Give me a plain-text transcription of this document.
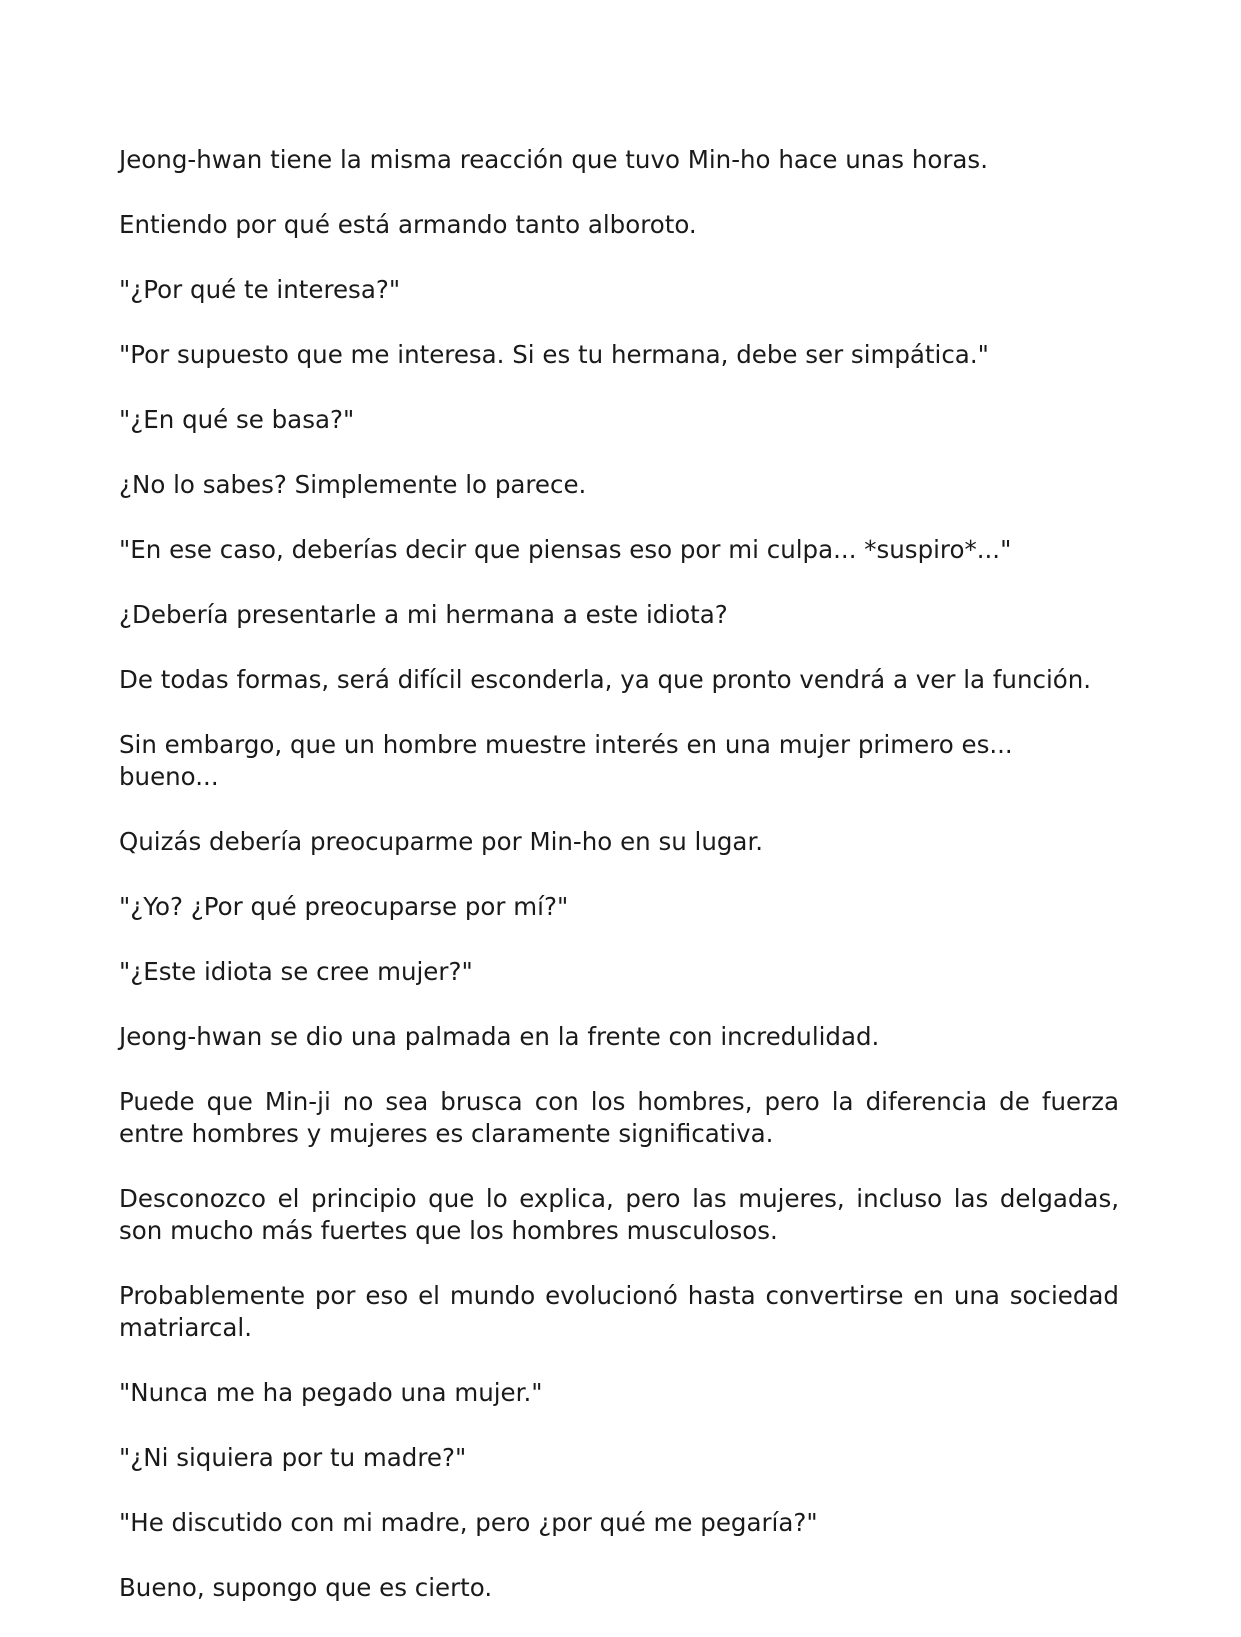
Jeong-hwan tiene la misma reacción que tuvo Min-ho hace unas horas.

Entiendo por qué está armando tanto alboroto.

"¿Por qué te interesa?"

"Por supuesto que me interesa. Si es tu hermana, debe ser simpática."

"¿En qué se basa?"

¿No lo sabes? Simplemente lo parece.

"En ese caso, deberías decir que piensas eso por mi culpa... *suspiro*..."

¿Debería presentarle a mi hermana a este idiota?

De todas formas, será difícil esconderla, ya que pronto vendrá a ver la función.

Sin embargo, que un hombre muestre interés en una mujer primero es... bueno...

Quizás debería preocuparme por Min-ho en su lugar.

"¿Yo? ¿Por qué preocuparse por mí?"

"¿Este idiota se cree mujer?"

Jeong-hwan se dio una palmada en la frente con incredulidad.

Puede que Min-ji no sea brusca con los hombres, pero la diferencia de fuerza entre hombres y mujeres es claramente significativa.

Desconozco el principio que lo explica, pero las mujeres, incluso las delgadas, son mucho más fuertes que los hombres musculosos.

Probablemente por eso el mundo evolucionó hasta convertirse en una sociedad matriarcal.

"Nunca me ha pegado una mujer."

"¿Ni siquiera por tu madre?"

"He discutido con mi madre, pero ¿por qué me pegaría?"

Bueno, supongo que es cierto.
